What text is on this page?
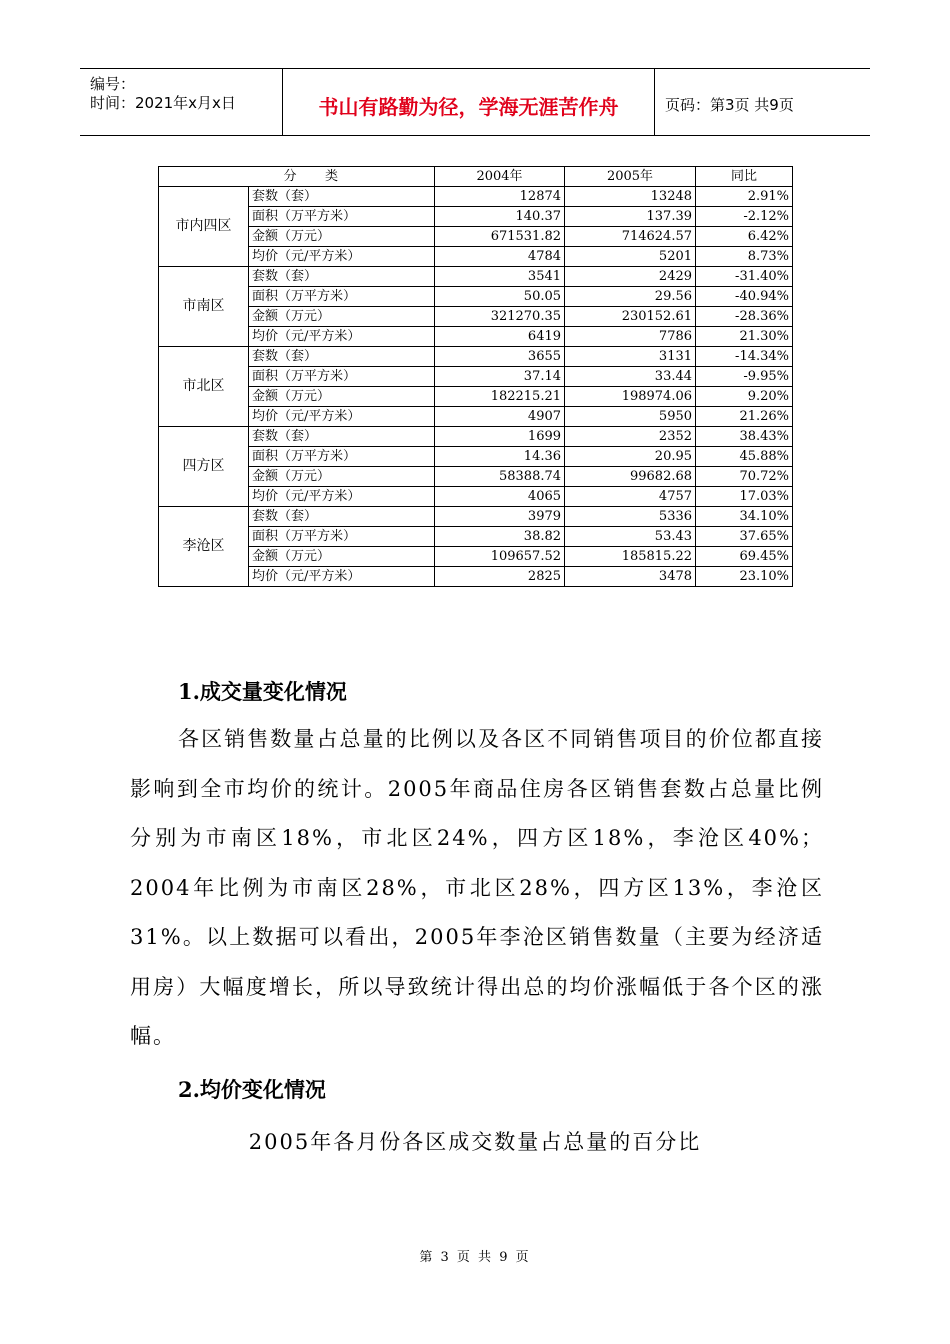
编号：
时间：2021年x月x日	书山有路勤为径，学海无涯苦作舟	页码：第3页 共9页
分 类		2004年	2005年	同比
市内四区	套数（套）	12874	13248	2.91%
	面积（万平方米）	140.37	137.39	-2.12%
	金额（万元）	671531.82	714624.57	6.42%
	均价（元/平方米）	4784	5201	8.73%
市南区	套数（套）	3541	2429	-31.40%
	面积（万平方米）	50.05	29.56	-40.94%
	金额（万元）	321270.35	230152.61	-28.36%
	均价（元/平方米）	6419	7786	21.30%
市北区	套数（套）	3655	3131	-14.34%
	面积（万平方米）	37.14	33.44	-9.95%
	金额（万元）	182215.21	198974.06	9.20%
	均价（元/平方米）	4907	5950	21.26%
四方区	套数（套）	1699	2352	38.43%
	面积（万平方米）	14.36	20.95	45.88%
	金额（万元）	58388.74	99682.68	70.72%
	均价（元/平方米）	4065	4757	17.03%
李沧区	套数（套）	3979	5336	34.10%
	面积（万平方米）	38.82	53.43	37.65%
	金额（万元）	109657.52	185815.22	69.45%
	均价（元/平方米）	2825	3478	23.10%
1.成交量变化情况
各区销售数量占总量的比例以及各区不同销售项目的价位都直接影响到全市均价的统计。2005年商品住房各区销售套数占总量比例分别为市南区18%，市北区24%，四方区18%，李沧区40%；2004年比例为市南区28%，市北区28%，四方区13%，李沧区31%。以上数据可以看出，2005年李沧区销售数量（主要为经济适用房）大幅度增长，所以导致统计得出总的均价涨幅低于各个区的涨幅。
2.均价变化情况
2005年各月份各区成交数量占总量的百分比
第 3 页 共 9 页
